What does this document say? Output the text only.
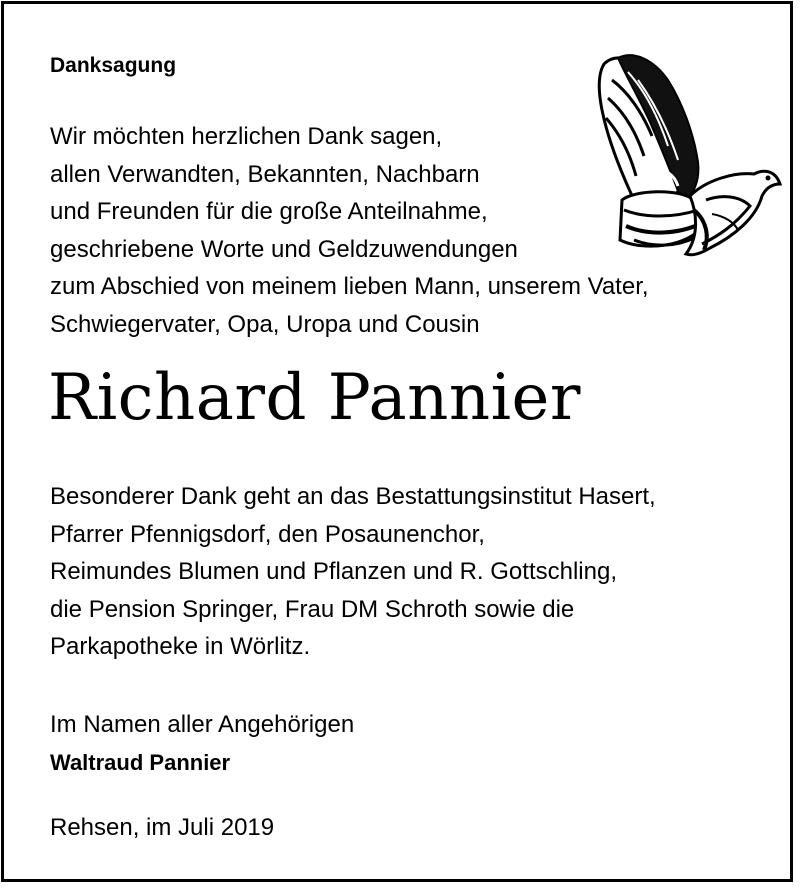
Danksagung
Wir möchten herzlichen Dank sagen,
allen Verwandten, Bekannten, Nachbarn
und Freunden für die große Anteilnahme,
geschriebene Worte und Geldzuwendungen
zum Abschied von meinem lieben Mann, unserem Vater,
Schwiegervater, Opa, Uropa und Cousin
Richard Pannier
Besonderer Dank geht an das Bestattungsinstitut Hasert,
Pfarrer Pfennigsdorf, den Posaunenchor,
Reimundes Blumen und Pflanzen und R. Gottschling,
die Pension Springer, Frau DM Schroth sowie die
Parkapotheke in Wörlitz.
Im Namen aller Angehörigen
Waltraud Pannier
Rehsen, im Juli 2019
